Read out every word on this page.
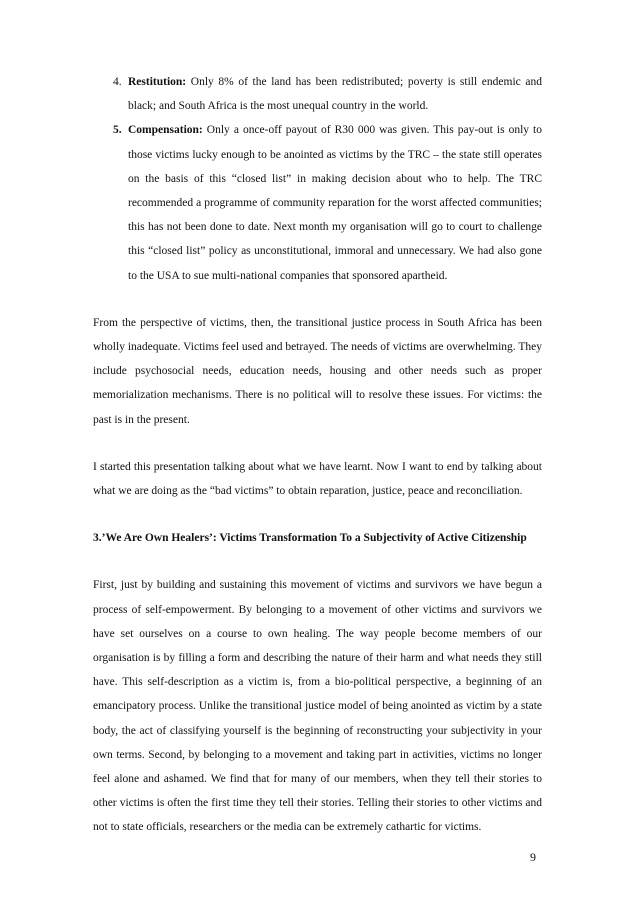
4. Restitution: Only 8% of the land has been redistributed; poverty is still endemic and black; and South Africa is the most unequal country in the world.
5. Compensation: Only a once-off payout of R30 000 was given. This pay-out is only to those victims lucky enough to be anointed as victims by the TRC – the state still operates on the basis of this “closed list” in making decision about who to help. The TRC recommended a programme of community reparation for the worst affected communities; this has not been done to date. Next month my organisation will go to court to challenge this “closed list” policy as unconstitutional, immoral and unnecessary. We had also gone to the USA to sue multi-national companies that sponsored apartheid.

From the perspective of victims, then, the transitional justice process in South Africa has been wholly inadequate. Victims feel used and betrayed. The needs of victims are overwhelming. They include psychosocial needs, education needs, housing and other needs such as proper memorialization mechanisms. There is no political will to resolve these issues. For victims: the past is in the present.

I started this presentation talking about what we have learnt. Now I want to end by talking about what we are doing as the “bad victims” to obtain reparation, justice, peace and reconciliation.

3.’We Are Own Healers’: Victims Transformation To a Subjectivity of Active Citizenship

First, just by building and sustaining this movement of victims and survivors we have begun a process of self-empowerment. By belonging to a movement of other victims and survivors we have set ourselves on a course to own healing. The way people become members of our organisation is by filling a form and describing the nature of their harm and what needs they still have. This self-description as a victim is, from a bio-political perspective, a beginning of an emancipatory process. Unlike the transitional justice model of being anointed as victim by a state body, the act of classifying yourself is the beginning of reconstructing your subjectivity in your own terms. Second, by belonging to a movement and taking part in activities, victims no longer feel alone and ashamed. We find that for many of our members, when they tell their stories to other victims is often the first time they tell their stories. Telling their stories to other victims and not to state officials, researchers or the media can be extremely cathartic for victims.

9
